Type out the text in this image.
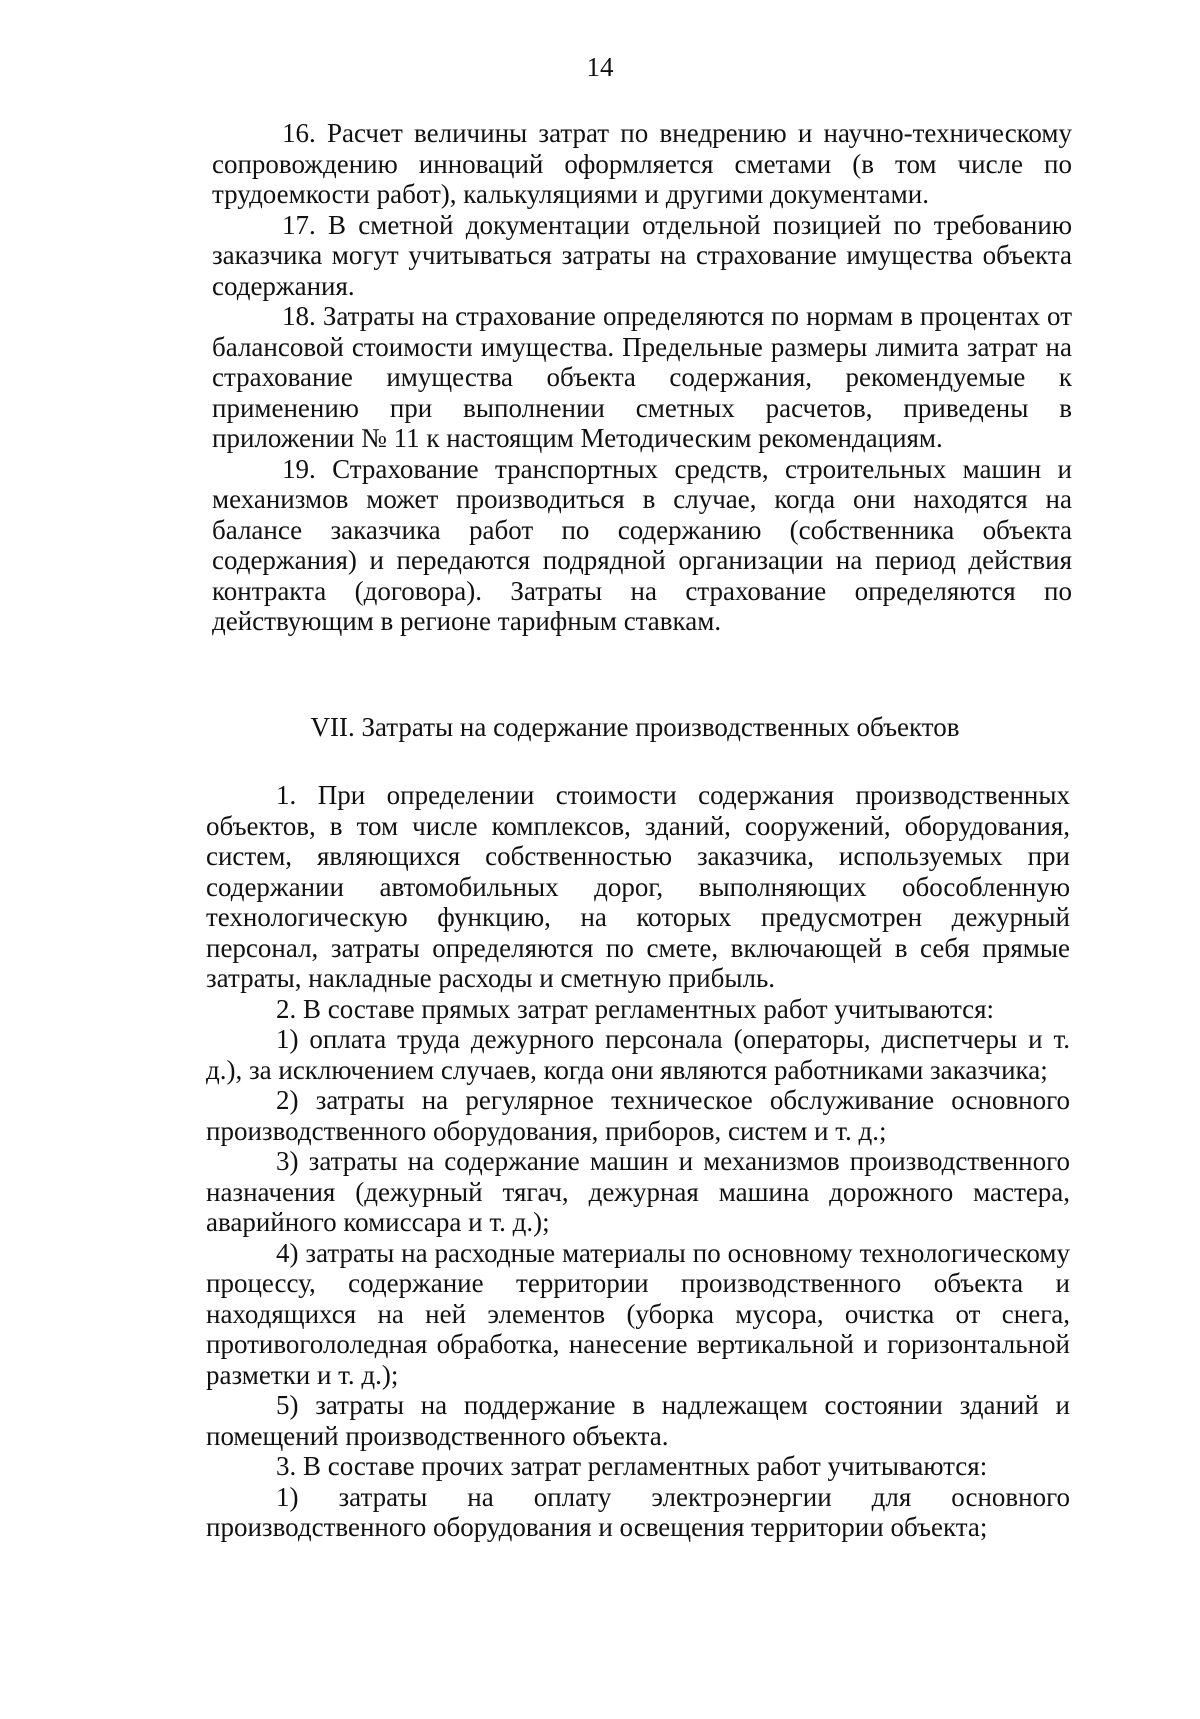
14

16. Расчет величины затрат по внедрению и научно-техническому сопровождению инноваций оформляется сметами (в том числе по трудоемкости работ), калькуляциями и другими документами.

17. В сметной документации отдельной позицией по требованию заказчика могут учитываться затраты на страхование имущества объекта содержания.

18. Затраты на страхование определяются по нормам в процентах от балансовой стоимости имущества. Предельные размеры лимита затрат на страхование имущества объекта содержания, рекомендуемые к применению при выполнении сметных расчетов, приведены в приложении № 11 к настоящим Методическим рекомендациям.

19. Страхование транспортных средств, строительных машин и механизмов может производиться в случае, когда они находятся на балансе заказчика работ по содержанию (собственника объекта содержания) и передаются подрядной организации на период действия контракта (договора). Затраты на страхование определяются по действующим в регионе тарифным ставкам.

VII. Затраты на содержание производственных объектов

1. При определении стоимости содержания производственных объектов, в том числе комплексов, зданий, сооружений, оборудования, систем, являющихся собственностью заказчика, используемых при содержании автомобильных дорог, выполняющих обособленную технологическую функцию, на которых предусмотрен дежурный персонал, затраты определяются по смете, включающей в себя прямые затраты, накладные расходы и сметную прибыль.

2. В составе прямых затрат регламентных работ учитываются:

1) оплата труда дежурного персонала (операторы, диспетчеры и т. д.), за исключением случаев, когда они являются работниками заказчика;

2) затраты на регулярное техническое обслуживание основного производственного оборудования, приборов, систем и т. д.;

3) затраты на содержание машин и механизмов производственного назначения (дежурный тягач, дежурная машина дорожного мастера, аварийного комиссара и т. д.);

4) затраты на расходные материалы по основному технологическому процессу, содержание территории производственного объекта и находящихся на ней элементов (уборка мусора, очистка от снега, противогололедная обработка, нанесение вертикальной и горизонтальной разметки и т. д.);

5) затраты на поддержание в надлежащем состоянии зданий и помещений производственного объекта.

3. В составе прочих затрат регламентных работ учитываются:

1) затраты на оплату электроэнергии для основного производственного оборудования и освещения территории объекта;
